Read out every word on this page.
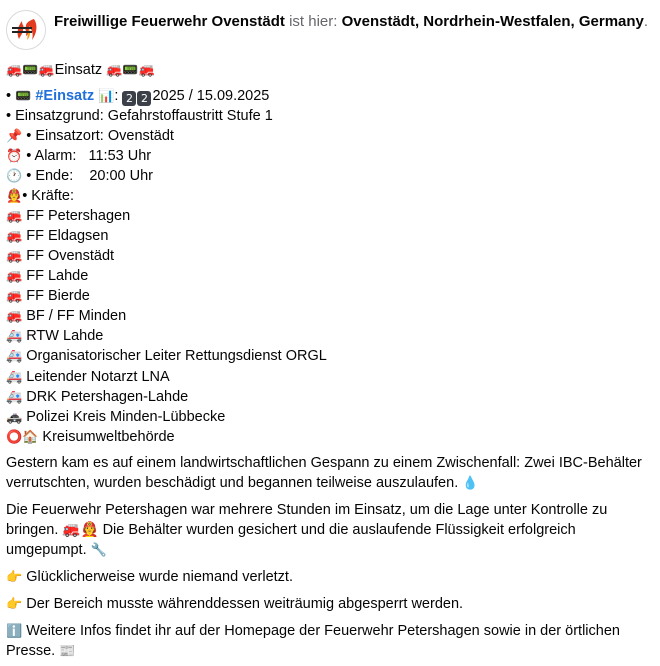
Freiwillige Feuerwehr Ovenstädt ist hier: Ovenstädt, Nordrhein-Westfalen, Germany.
🚒📟🚒Einsatz 🚒📟🚒
• 📟 #Einsatz 📊: 2 2 2025 / 15.09.2025
• Einsatzgrund: Gefahrstoffaustritt Stufe 1
📌 • Einsatzort: Ovenstädt
⏰ • Alarm:   11:53 Uhr
🕐 • Ende:    20:00 Uhr
🧑‍🚒• Kräfte:
🚒 FF Petershagen
🚒 FF Eldagsen
🚒 FF Ovenstädt
🚒 FF Lahde
🚒 FF Bierde
🚒 BF / FF Minden
🚑 RTW Lahde
🚑 Organisatorischer Leiter Rettungsdienst ORGL
🚑 Leitender Notarzt LNA
🚑 DRK Petershagen-Lahde
🚓 Polizei Kreis Minden-Lübbecke
⭕🏠 Kreisumweltbehörde
Gestern kam es auf einem landwirtschaftlichen Gespann zu einem Zwischenfall: Zwei IBC-Behälter verrutschten, wurden beschädigt und begannen teilweise auszulaufen. 💧
Die Feuerwehr Petershagen war mehrere Stunden im Einsatz, um die Lage unter Kontrolle zu bringen. 🚒🧑‍🚒 Die Behälter wurden gesichert und die auslaufende Flüssigkeit erfolgreich umgepumpt. 🔧
👉 Glücklicherweise wurde niemand verletzt.
👉 Der Bereich musste währenddessen weiträumig abgesperrt werden.
ℹ️ Weitere Infos findet ihr auf der Homepage der Feuerwehr Petershagen sowie in der örtlichen Presse. 📰
